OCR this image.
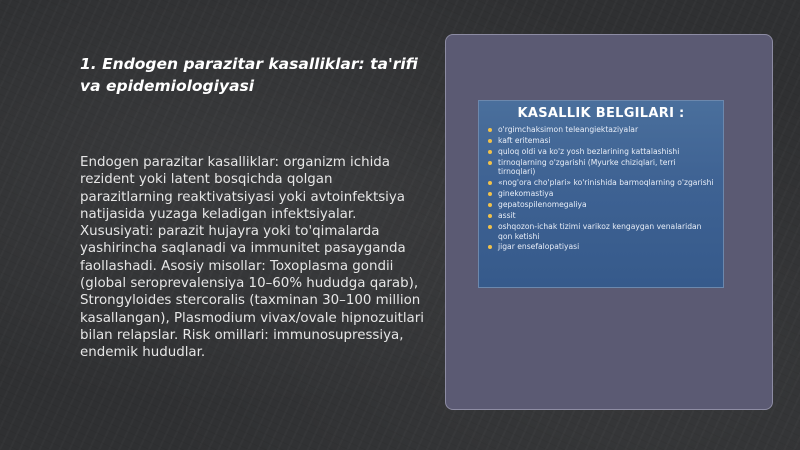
1. Endogen parazitar kasalliklar: ta'rifi va epidemiologiyasi

Endogen parazitar kasalliklar: organizm ichida rezident yoki latent bosqichda qolgan parazitlarning reaktivatsiyasi yoki avtoinfektsiya natijasida yuzaga keladigan infektsiyalar. Xususiyati: parazit hujayra yoki to'qimalarda yashirincha saqlanadi va immunitet pasayganda faollashadi. Asosiy misollar: Toxoplasma gondii (global seroprevalensiya 10–60% hududga qarab), Strongyloides stercoralis (taxminan 30–100 million kasallangan), Plasmodium vivax/ovale hipnozuitlari bilan relapslar. Risk omillari: immunosupressiya, endemik hududlar.

KASALLIK BELGILARI :
o'rgimchaksimon teleangiektaziyalar
kaft eritemasi
quloq oldi va ko'z yosh bezlarining kattalashishi
tirnoqlarning o'zgarishi (Myurke chiziqlari, terri tirnoqlari)
«nog'ora cho'plari» ko'rinishida barmoqlarning o'zgarishi
ginekomastiya
gepatospilenomegaliya
assit
oshqozon-ichak tizimi varikoz kengaygan venalaridan qon ketishi
jigar ensefalopatiyasi
